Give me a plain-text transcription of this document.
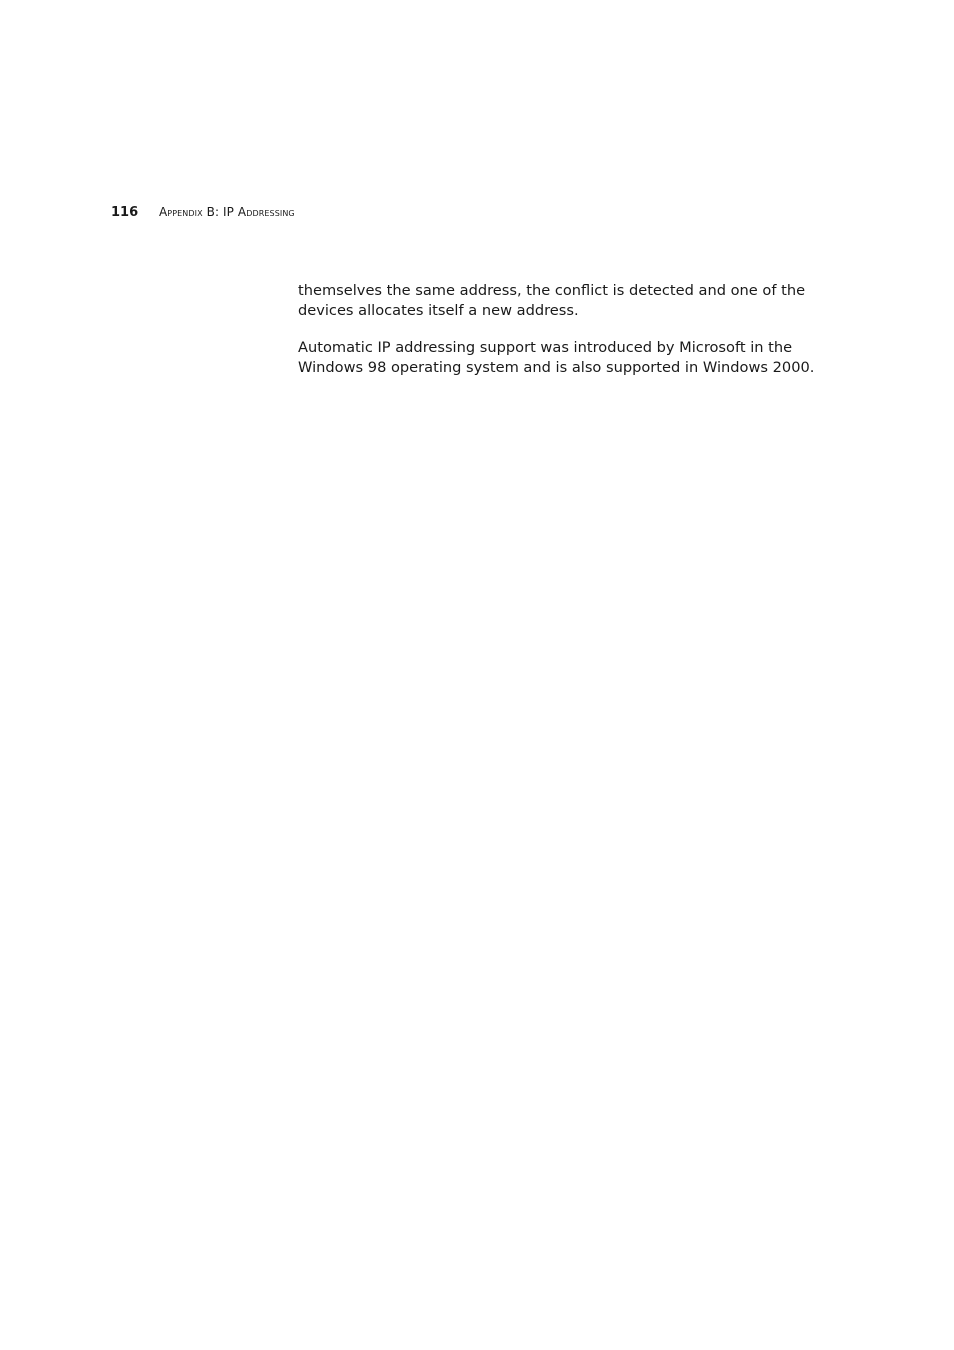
116	Appendix B: IP Addressing

themselves the same address, the conflict is detected and one of the devices allocates itself a new address.

Automatic IP addressing support was introduced by Microsoft in the Windows 98 operating system and is also supported in Windows 2000.
